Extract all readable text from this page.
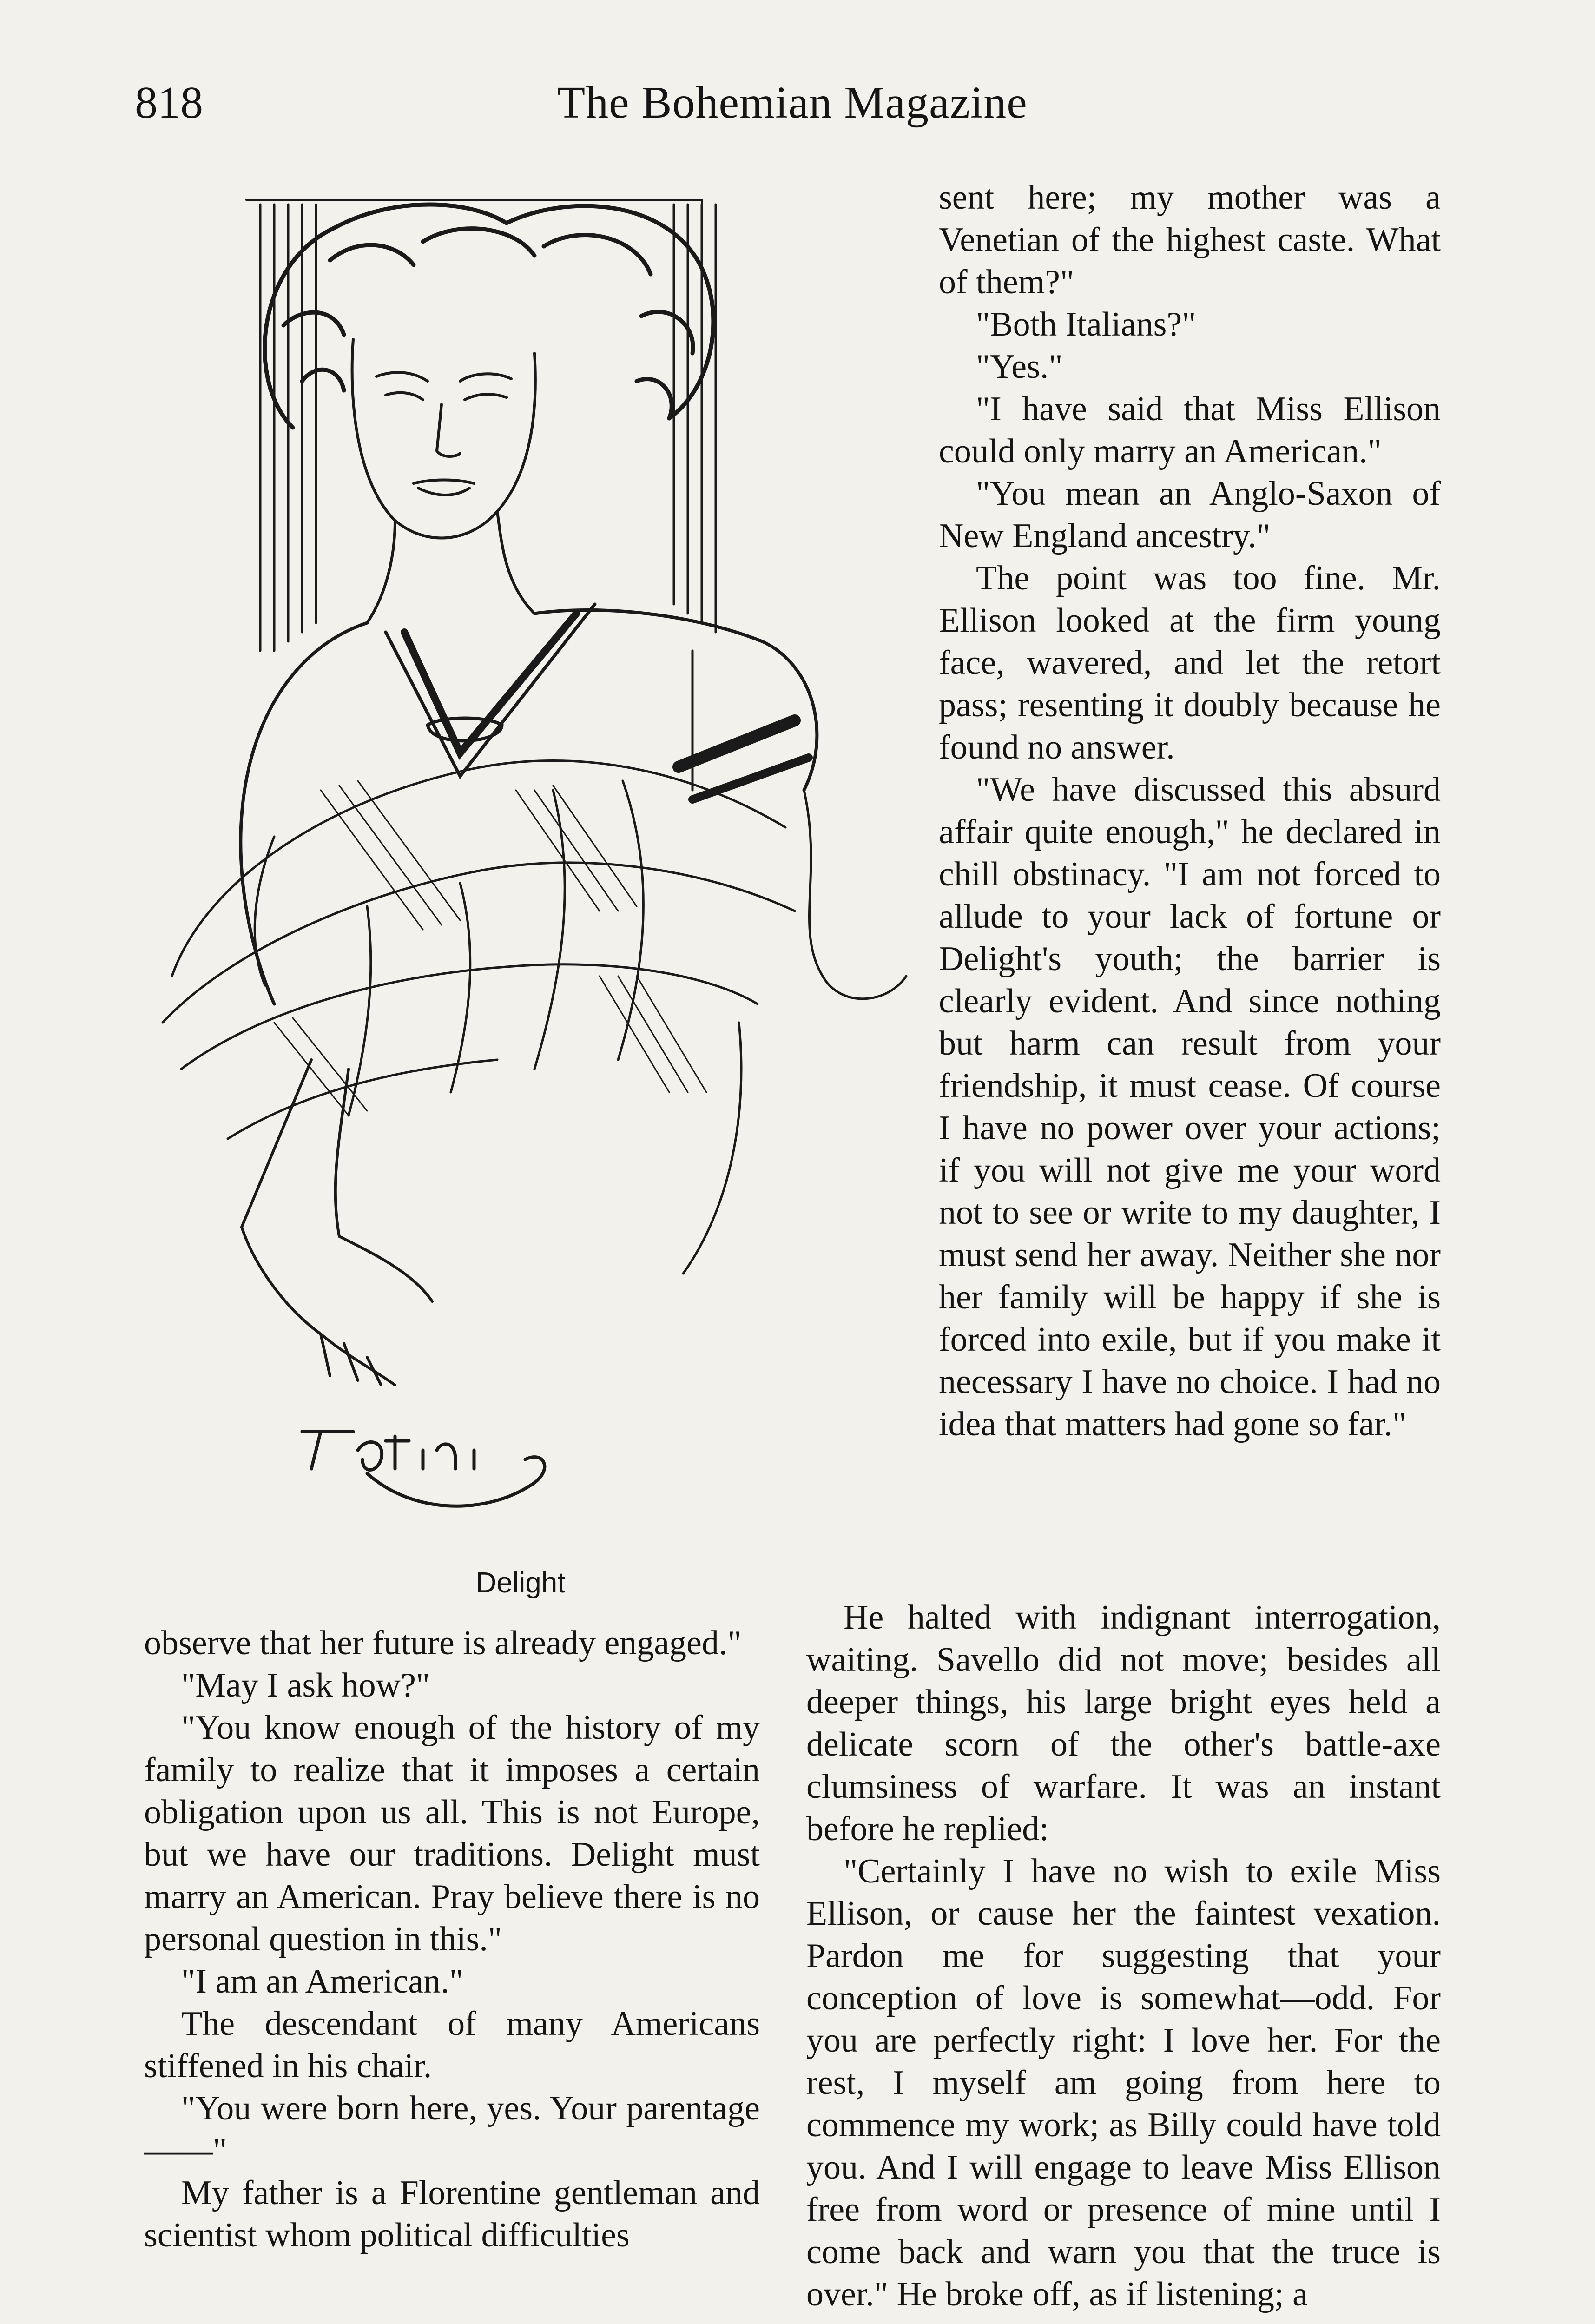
818	The Bohemian Magazine
Delight

observe that her future is already engaged."

"May I ask how?"

"You know enough of the history of my family to realize that it imposes a certain obligation upon us all. This is not Europe, but we have our traditions. Delight must marry an American. Pray believe there is no personal question in this."

"I am an American."

The descendant of many Americans stiffened in his chair.

"You were born here, yes. Your parentage——"

My father is a Florentine gentleman and scientist whom political difficulties

sent here; my mother was a Venetian of the highest caste. What of them?"

"Both Italians?"

"Yes."

"I have said that Miss Ellison could only marry an American."

"You mean an Anglo-Saxon of New England ancestry."

The point was too fine. Mr. Ellison looked at the firm young face, wavered, and let the retort pass; resenting it doubly because he found no answer.

"We have discussed this absurd affair quite enough," he declared in chill obstinacy. "I am not forced to allude to your lack of fortune or Delight's youth; the barrier is clearly evident. And since nothing but harm can result from your friendship, it must cease. Of course I have no power over your actions; if you will not give me your word not to see or write to my daughter, I must send her away. Neither she nor her family will be happy if she is forced into exile, but if you make it necessary I have no choice. I had no idea that matters had gone so far."

He halted with indignant interrogation, waiting. Savello did not move; besides all deeper things, his large bright eyes held a delicate scorn of the other's battle-axe clumsiness of warfare. It was an instant before he replied:

"Certainly I have no wish to exile Miss Ellison, or cause her the faintest vexation. Pardon me for suggesting that your conception of love is somewhat—odd. For you are perfectly right: I love her. For the rest, I myself am going from here to commence my work; as Billy could have told you. And I will engage to leave Miss Ellison free from word or presence of mine until I come back and warn you that the truce is over." He broke off, as if listening; a
